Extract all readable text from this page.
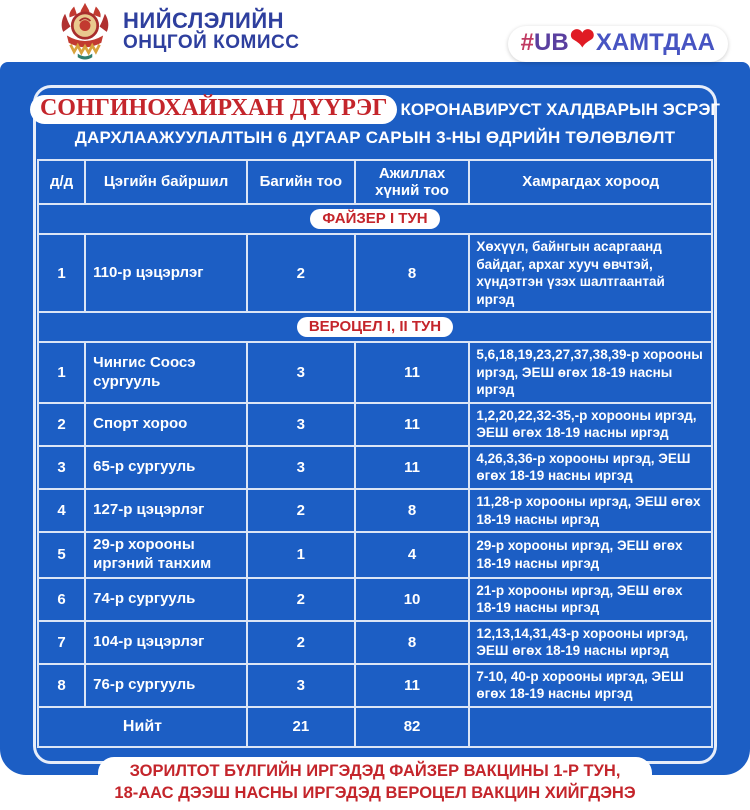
НИЙСЛЭЛИЙН
ОНЦГОЙ КОМИСС	# UB ❤ ХАМТДАА
СОНГИНОХАЙРХАН ДҮҮРЭГ КОРОНАВИРУСТ ХАЛДВАРЫН ЭСРЭГ
ДАРХЛААЖУУЛАЛТЫН 6 ДУГААР САРЫН 3-НЫ ӨДРИЙН ТӨЛӨВЛӨЛТ
д/д	Цэгийн байршил	Багийн тоо	Ажиллах хүний тоо	Хамрагдах хороод
ФАЙЗЕР I ТУН				
1	110-р цэцэрлэг	2	8	Хөхүүл, байнгын асаргаанд байдаг, архаг хууч өвчтэй, хүндэтгэн үзэх шалтгаантай иргэд
ВЕРОЦЕЛ I, II ТУН				
1	Чингис Соосэ сургууль	3	11	5,6,18,19,23,27,37,38,39-р хорооны иргэд, ЭЕШ өгөх 18-19 насны иргэд
2	Спорт хороо	3	11	1,2,20,22,32-35,-р хорооны иргэд, ЭЕШ өгөх 18-19 насны иргэд
3	65-р сургууль	3	11	4,26,3,36-р хорооны иргэд, ЭЕШ өгөх 18-19 насны иргэд
4	127-р цэцэрлэг	2	8	11,28-р хорооны иргэд, ЭЕШ өгөх 18-19 насны иргэд
5	29-р хорооны иргэний танхим	1	4	29-р хорооны иргэд, ЭЕШ өгөх 18-19 насны иргэд
6	74-р сургууль	2	10	21-р хорооны иргэд, ЭЕШ өгөх 18-19 насны иргэд
7	104-р цэцэрлэг	2	8	12,13,14,31,43-р хорооны иргэд, ЭЕШ өгөх 18-19 насны иргэд
8	76-р сургууль	3	11	7-10, 40-р хорооны иргэд, ЭЕШ өгөх 18-19 насны иргэд
Нийт		21	82	
ЗОРИЛТОТ БҮЛГИЙН ИРГЭДЭД ФАЙЗЕР ВАКЦИНЫ 1-Р ТУН,
18-ААС ДЭЭШ НАСНЫ ИРГЭДЭД ВЕРОЦЕЛ ВАКЦИН ХИЙГДЭНЭ
